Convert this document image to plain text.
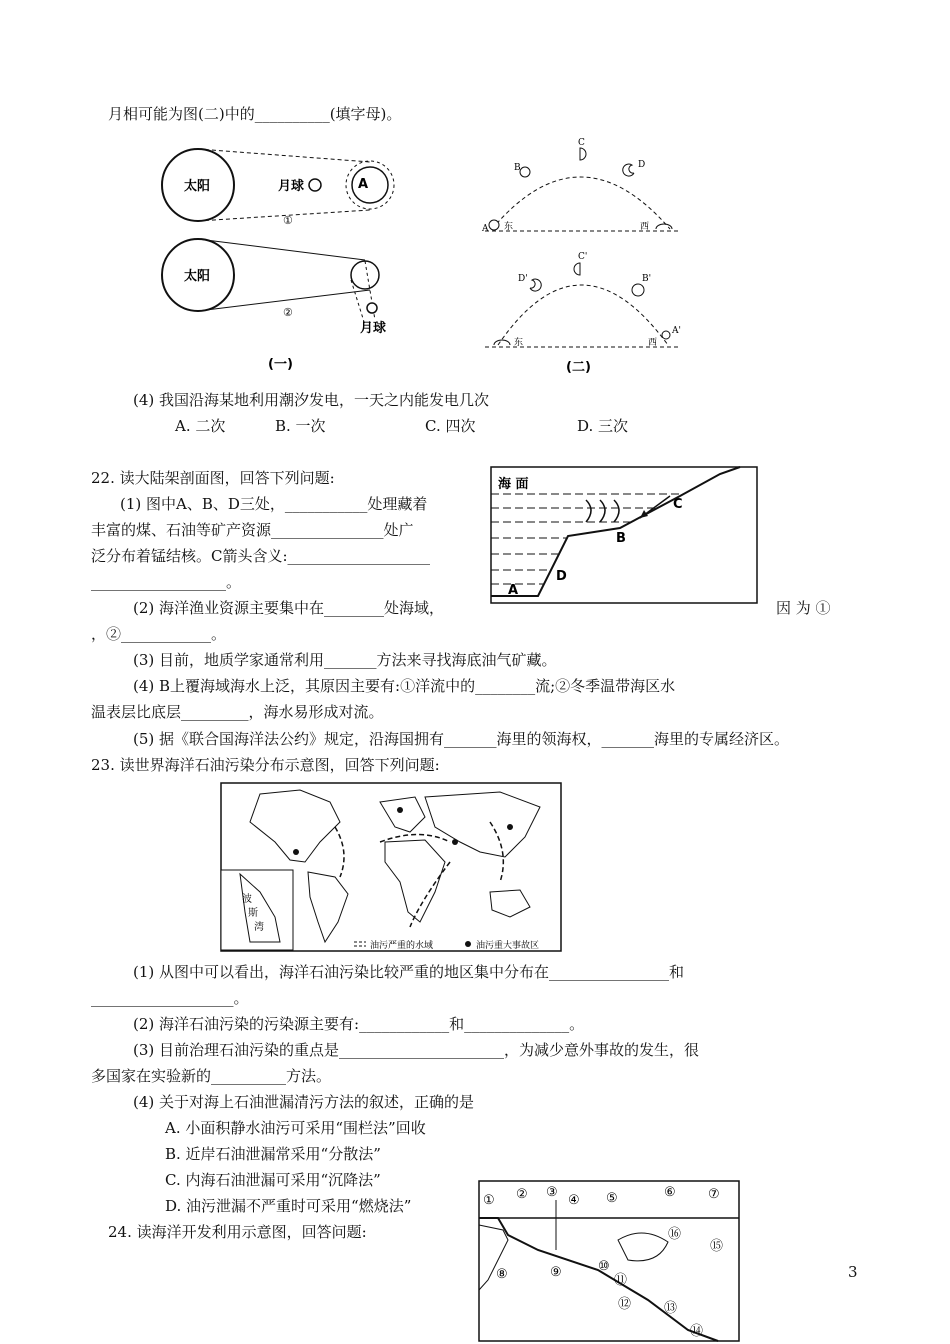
月相可能为图(二)中的__________(填字母)。
太阳	月球	A
①
太阳
月球
②
(一)
A
B
C
D
东	西
D'
C'
B'
A'
东	西
(二)
(4) 我国沿海某地利用潮汐发电，一天之内能发电几次
A. 二次	B. 一次	C. 四次	D. 三次
22. 读大陆架剖面图，回答下列问题:
(1) 图中A、B、D三处，___________处理藏着
丰富的煤、石油等矿产资源_______________处广
泛分布着锰结核。C箭头含义:___________________
__________________。
海 面
C
B
D
A
(2) 海洋渔业资源主要集中在________处海域，	因 为 ①
，②____________。
(3) 目前，地质学家通常利用_______方法来寻找海底油气矿藏。
(4) B上覆海域海水上泛，其原因主要有:①洋流中的________流;②冬季温带海区水
温表层比底层_________，海水易形成对流。
(5) 据《联合国海洋法公约》规定，沿海国拥有_______海里的领海权，_______海里的专属经济区。
23. 读世界海洋石油污染分布示意图，回答下列问题:
波
斯
湾
油污严重的水域	油污重大事故区
(1) 从图中可以看出，海洋石油污染比较严重的地区集中分布在________________和
___________________。
(2) 海洋石油污染的污染源主要有:____________和______________。
(3) 目前治理石油污染的重点是______________________，为减少意外事故的发生，很
多国家在实验新的__________方法。
(4) 关于对海上石油泄漏清污方法的叙述，正确的是
A. 小面积静水油污可采用“围栏法”回收
B. 近岸石油泄漏常采用“分散法”
C. 内海石油泄漏可采用“沉降法”
D. 油污泄漏不严重时可采用“燃烧法”
24. 读海洋开发利用示意图，回答问题:
① ② ③
④ ⑤	⑥ ⑦
⑧	⑨	⑩
⑪
⑫	⑬
⑭
⑮
⑯
3
